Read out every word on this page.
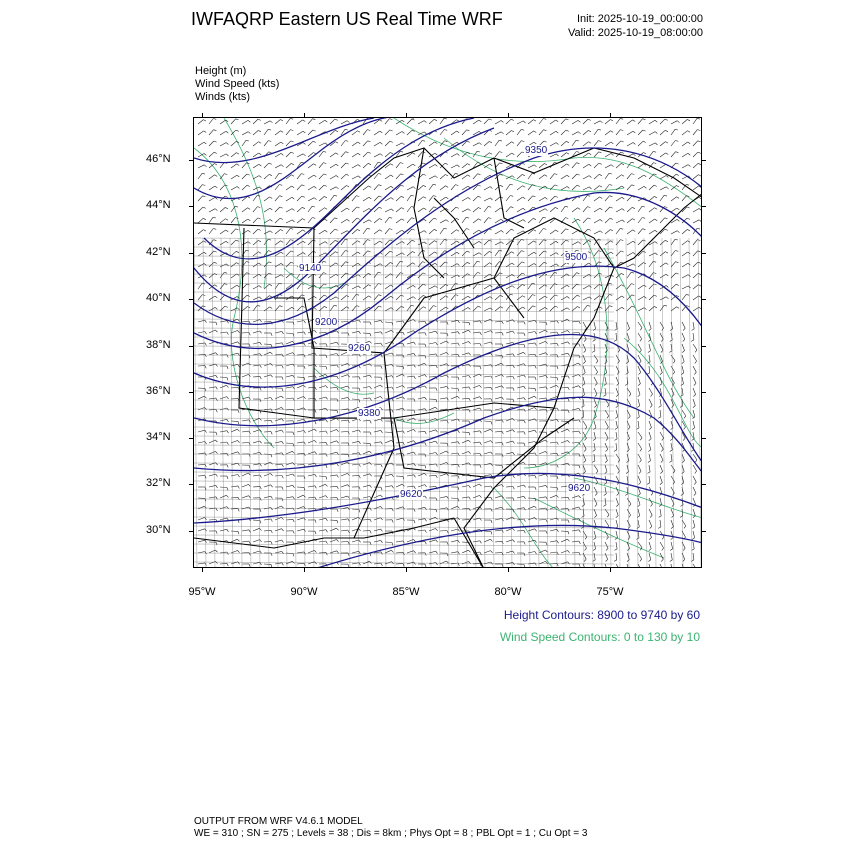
IWFAQRP Eastern US Real Time WRF	Init: 2025-10-19_00:00:00
Valid: 2025-10-19_08:00:00
Height (m)
Wind Speed (kts)
Winds (kts)
9350
9140
9500
9200
9260
9380
9620
9620
46°N
44°N
42°N
40°N
38°N
36°N
34°N
32°N
30°N
95°W	90°W	85°W	80°W	75°W
Height Contours: 8900 to 9740 by 60
Wind Speed Contours: 0 to 130 by 10
OUTPUT FROM WRF V4.6.1 MODEL
WE = 310 ; SN = 275 ; Levels = 38 ; Dis = 8km ; Phys Opt = 8 ; PBL Opt = 1 ; Cu Opt = 3
